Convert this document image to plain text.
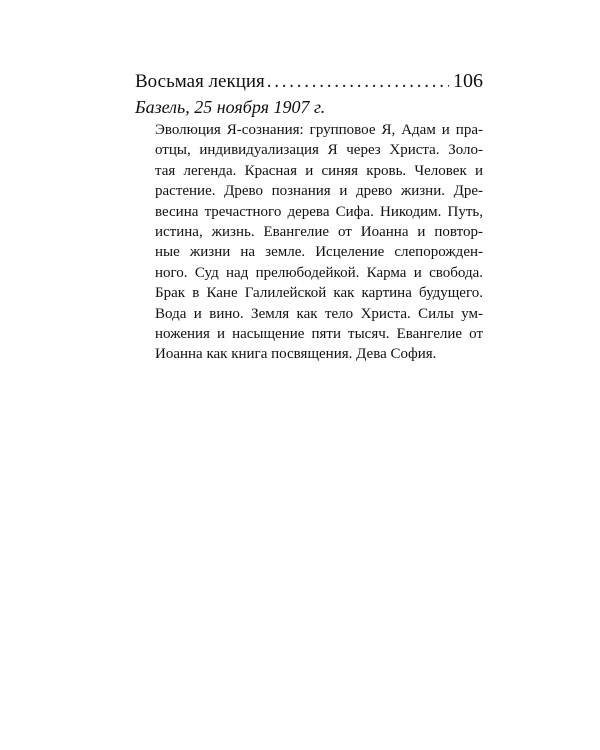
Восьмая лекция
. . .	106
Базель, 25 ноября 1907 г.
Эволюция Я-сознания: групповое Я, Адам и пра-
отцы, индивидуализация Я через Христа. Золо-
тая легенда. Красная и синяя кровь. Человек и
растение. Древо познания и древо жизни. Дре-
весина тречастного дерева Сифа. Никодим. Путь,
истина, жизнь. Евангелие от Иоанна и повтор-
ные жизни на земле. Исцеление слепорожден-
ного. Суд над прелюбодейкой. Карма и свобода.
Брак в Кане Галилейской как картина будущего.
Вода и вино. Земля как тело Христа. Силы ум-
ножения и насыщение пяти тысяч. Евангелие от
Иоанна как книга посвящения. Дева София.
